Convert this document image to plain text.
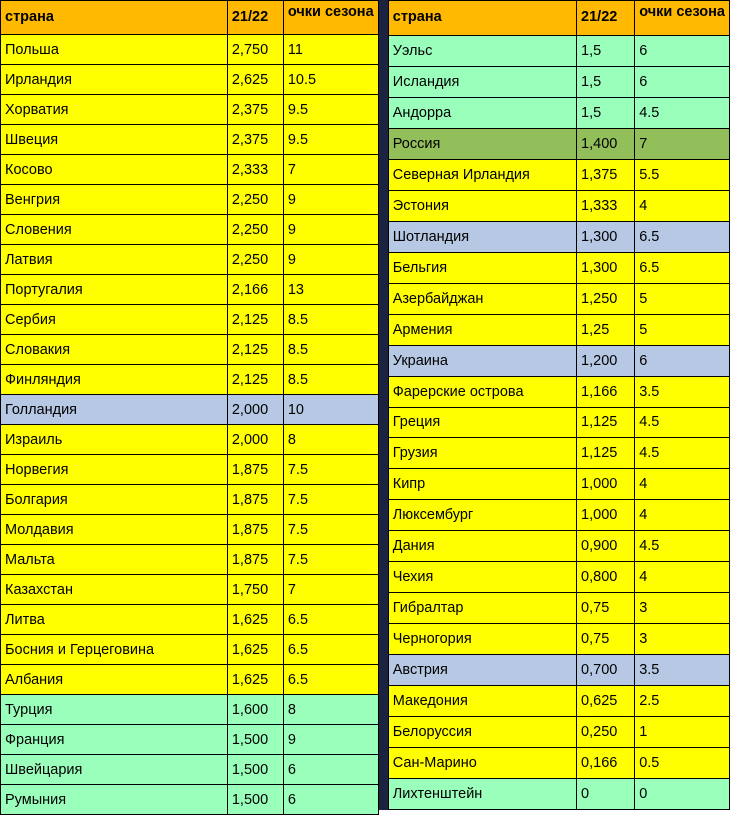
страна	21/22	очки сезона
Польша	2,750	11
Ирландия	2,625	10.5
Хорватия	2,375	9.5
Швеция	2,375	9.5
Косово	2,333	7
Венгрия	2,250	9
Словения	2,250	9
Латвия	2,250	9
Португалия	2,166	13
Сербия	2,125	8.5
Словакия	2,125	8.5
Финляндия	2,125	8.5
Голландия	2,000	10
Израиль	2,000	8
Норвегия	1,875	7.5
Болгария	1,875	7.5
Молдавия	1,875	7.5
Мальта	1,875	7.5
Казахстан	1,750	7
Литва	1,625	6.5
Босния и Герцеговина	1,625	6.5
Албания	1,625	6.5
Турция	1,600	8
Франция	1,500	9
Швейцария	1,500	6
Румыния	1,500	6
страна	21/22	очки сезона
Уэльс	1,5	6
Исландия	1,5	6
Андорра	1,5	4.5
Россия	1,400	7
Северная Ирландия	1,375	5.5
Эстония	1,333	4
Шотландия	1,300	6.5
Бельгия	1,300	6.5
Азербайджан	1,250	5
Армения	1,25	5
Украина	1,200	6
Фарерские острова	1,166	3.5
Греция	1,125	4.5
Грузия	1,125	4.5
Кипр	1,000	4
Люксембург	1,000	4
Дания	0,900	4.5
Чехия	0,800	4
Гибралтар	0,75	3
Черногория	0,75	3
Австрия	0,700	3.5
Македония	0,625	2.5
Белоруссия	0,250	1
Сан-Марино	0,166	0.5
Лихтенштейн	0	0
